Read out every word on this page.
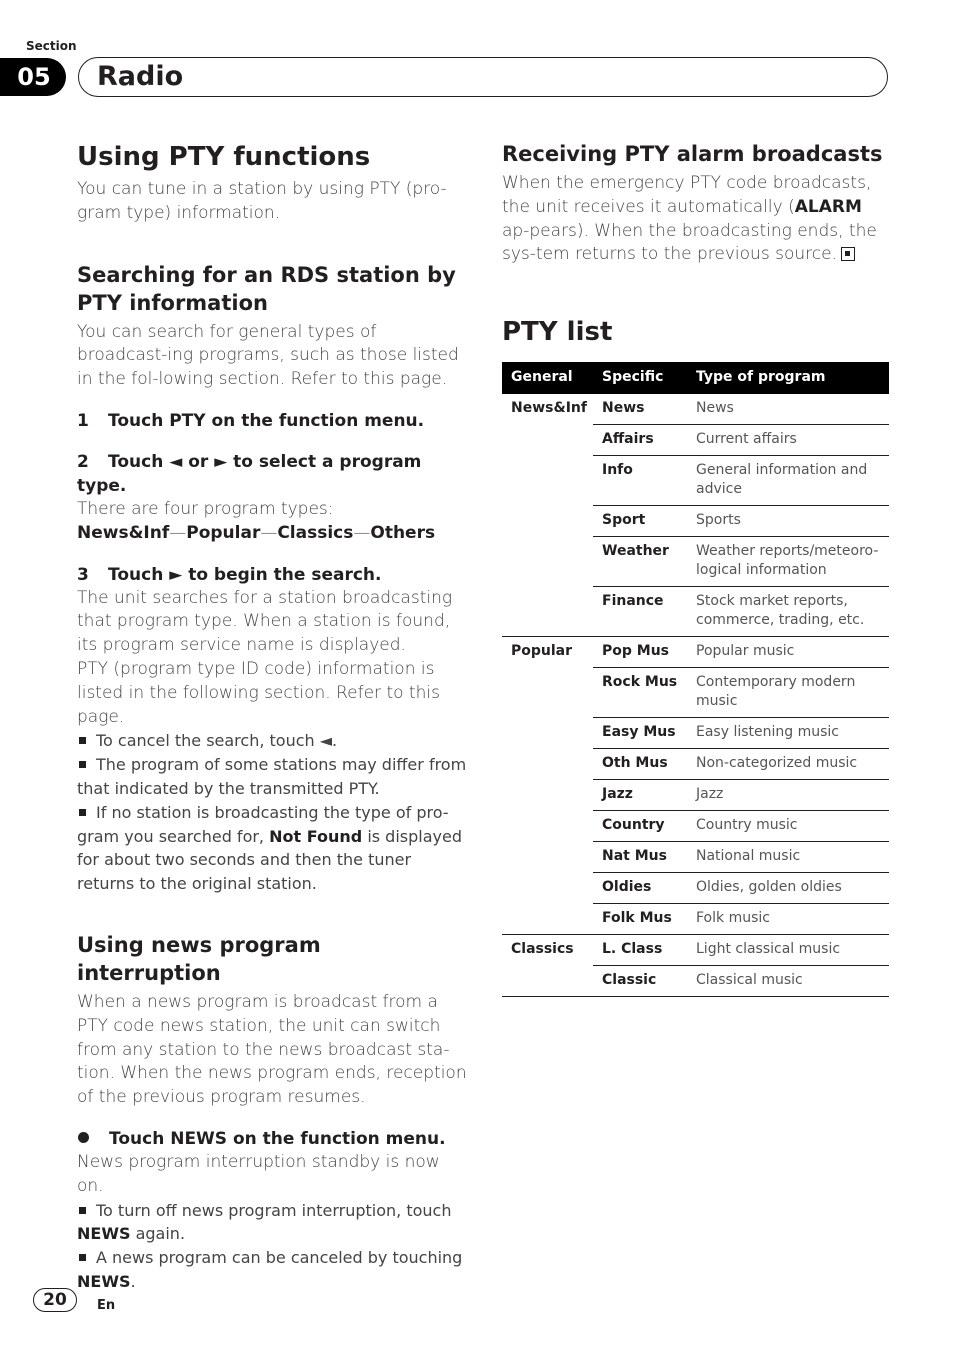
Section
05 Radio
Using PTY functions

You can tune in a station by using PTY (pro-gram type) information.

Searching for an RDS station by PTY information

You can search for general types of broadcast-ing programs, such as those listed in the fol-lowing section. Refer to this page.

1 Touch PTY on the function menu.

2 Touch ◄ or ► to select a program type.

There are four program types:

News&Inf—Popular—Classics—Others

3 Touch ► to begin the search.

The unit searches for a station broadcasting that program type. When a station is found, its program service name is displayed.

PTY (program type ID code) information is listed in the following section. Refer to this page.

To cancel the search, touch ◄.

The program of some stations may differ from that indicated by the transmitted PTY.

If no station is broadcasting the type of pro-gram you searched for, Not Found is displayed for about two seconds and then the tuner returns to the original station.

Using news program interruption

When a news program is broadcast from a PTY code news station, the unit can switch from any station to the news broadcast sta-tion. When the news program ends, reception of the previous program resumes.

Touch NEWS on the function menu.

News program interruption standby is now on.

To turn off news program interruption, touch NEWS again.

A news program can be canceled by touching NEWS.

Receiving PTY alarm broadcasts

When the emergency PTY code broadcasts, the unit receives it automatically (ALARM ap-pears). When the broadcasting ends, the sys-tem returns to the previous source.

PTY list
General	Specific	Type of program
News&Inf	News	News
	Affairs	Current affairs
	Info	General information and advice
	Sport	Sports
	Weather	Weather reports/meteoro-logical information
	Finance	Stock market reports, commerce, trading, etc.
Popular	Pop Mus	Popular music
	Rock Mus	Contemporary modern music
	Easy Mus	Easy listening music
	Oth Mus	Non-categorized music
	Jazz	Jazz
	Country	Country music
	Nat Mus	National music
	Oldies	Oldies, golden oldies
	Folk Mus	Folk music
Classics	L. Class	Light classical music
	Classic	Classical music
20	En
